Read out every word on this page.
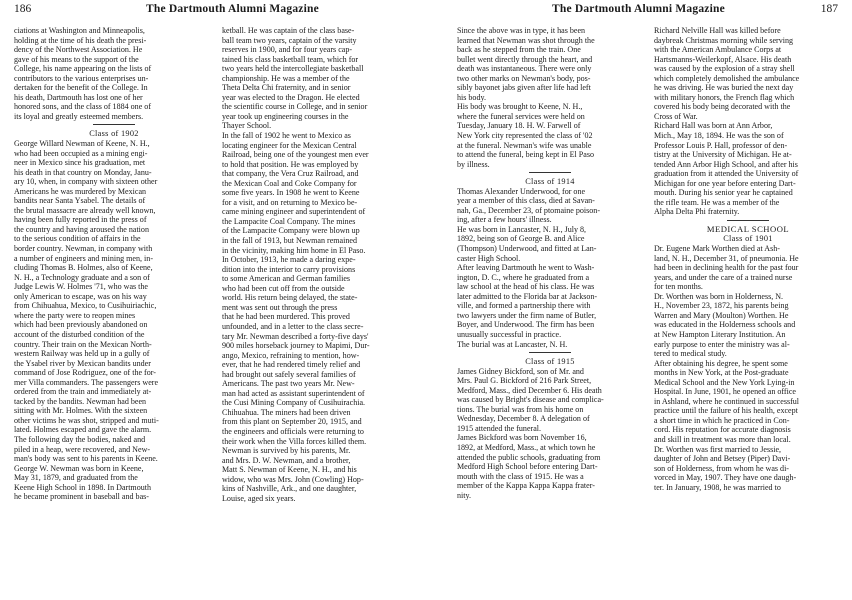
186	The Dartmouth Alumni Magazine
ciations at Washington and Minneapolis,
holding at the time of his death the presi-
dency of the Northwest Association. He
gave of his means to the support of the
College, his name appearing on the lists of
contributors to the various enterprises un-
dertaken for the benefit of the College. In
his death, Dartmouth has lost one of her
honored sons, and the class of 1884 one of
its loyal and greatly esteemed members.
Class of 1902
George Willard Newman of Keene, N. H.,
who had been occupied as a mining engi-
neer in Mexico since his graduation, met
his death in that country on Monday, Janu-
ary 10, when, in company with sixteen other
Americans he was murdered by Mexican
bandits near Santa Ysabel. The details of
the brutal massacre are already well known,
having been fully reported in the press of
the country and having aroused the nation
to the serious condition of affairs in the
border country. Newman, in company with
a number of engineers and mining men, in-
cluding Thomas B. Holmes, also of Keene,
N. H., a Technology graduate and a son of
Judge Lewis W. Holmes '71, who was the
only American to escape, was on his way
from Chihuahua, Mexico, to Cusihuiriachic,
where the party were to reopen mines
which had been previously abandoned on
account of the disturbed condition of the
country. Their train on the Mexican North-
western Railway was held up in a gully of
the Ysabel river by Mexican bandits under
command of Jose Rodriguez, one of the for-
mer Villa commanders. The passengers were
ordered from the train and immediately at-
tacked by the bandits. Newman had been
sitting with Mr. Holmes. With the sixteen
other victims he was shot, stripped and muti-
lated. Holmes escaped and gave the alarm.
The following day the bodies, naked and
piled in a heap, were recovered, and New-
man's body was sent to his parents in Keene.
George W. Newman was born in Keene,
May 31, 1879, and graduated from the
Keene High School in 1898. In Dartmouth
he became prominent in baseball and bas-
ketball. He was captain of the class base-
ball team two years, captain of the varsity
reserves in 1900, and for four years cap-
tained his class basketball team, which for
two years held the intercollegiate basketball
championship. He was a member of the
Theta Delta Chi fraternity, and in senior
year was elected to the Dragon. He elected
the scientific course in College, and in senior
year took up engineering courses in the
Thayer School.
In the fall of 1902 he went to Mexico as
locating engineer for the Mexican Central
Railroad, being one of the youngest men ever
to hold that position. He was employed by
that company, the Vera Cruz Railroad, and
the Mexican Coal and Coke Company for
some five years. In 1908 he went to Keene
for a visit, and on returning to Mexico be-
came mining engineer and superintendent of
the Lampacite Coal Company. The mines
of the Lampacite Company were blown up
in the fall of 1913, but Newman remained
in the vicinity, making him home in El Paso.
In October, 1913, he made a daring expe-
dition into the interior to carry provisions
to some American and German families
who had been cut off from the outside
world. His return being delayed, the state-
ment was sent out through the press
that he had been murdered. This proved
unfounded, and in a letter to the class secre-
tary Mr. Newman described a forty-five days'
900 miles horseback journey to Mapimi, Dur-
ango, Mexico, refraining to mention, how-
ever, that he had rendered timely relief and
had brought out safely several families of
Americans. The past two years Mr. New-
man had acted as assistant superintendent of
the Cusi Mining Company of Cusihuirachia.
Chihuahua. The miners had been driven
from this plant on September 20, 1915, and
the engineers and officials were returning to
their work when the Villa forces killed them.
Newman is survived by his parents, Mr.
and Mrs. D. W. Newman, and a brother,
Matt S. Newman of Keene, N. H., and his
widow, who was Mrs. John (Cowling) Hop-
kins of Nashville, Ark., and one daughter,
Louise, aged six years.
The Dartmouth Alumni Magazine	187
Since the above was in type, it has been
learned that Newman was shot through the
back as he stepped from the train. One
bullet went directly through the heart, and
death was instantaneous. There were only
two other marks on Newman's body, pos-
sibly bayonet jabs given after life had left
his body.
His body was brought to Keene, N. H.,
where the funeral services were held on
Tuesday, January 18. H. W. Farwell of
New York city represented the class of '02
at the funeral. Newman's wife was unable
to attend the funeral, being kept in El Paso
by illness.
Class of 1914
Thomas Alexander Underwood, for one
year a member of this class, died at Savan-
nah, Ga., December 23, of ptomaine poison-
ing, after a few hours' illness.
He was born in Lancaster, N. H., July 8,
1892, being son of George B. and Alice
(Thompson) Underwood, and fitted at Lan-
caster High School.
After leaving Dartmouth he went to Wash-
ington, D. C., where he graduated from a
law school at the head of his class. He was
later admitted to the Florida bar at Jackson-
ville, and formed a partnership there with
two lawyers under the firm name of Butler,
Boyer, and Underwood. The firm has been
unusually successful in practice.
The burial was at Lancaster, N. H.
Class of 1915
James Gidney Bickford, son of Mr. and
Mrs. Paul G. Bickford of 216 Park Street,
Medford, Mass., died December 6. His death
was caused by Bright's disease and complica-
tions. The burial was from his home on
Wednesday, December 8. A delegation of
1915 attended the funeral.
James Bickford was born November 16,
1892, at Medford, Mass., at which town he
attended the public schools, graduating from
Medford High School before entering Dart-
mouth with the class of 1915. He was a
member of the Kappa Kappa Kappa frater-
nity.
Richard Nelville Hall was killed before
daybreak Christmas morning while serving
with the American Ambulance Corps at
Hartsmanns-Weilerkopf, Alsace. His death
was caused by the explosion of a stray shell
which completely demolished the ambulance
he was driving. He was buried the next day
with military honors, the French flag which
covered his body being decorated with the
Cross of War.
Richard Hall was born at Ann Arbor,
Mich., May 18, 1894. He was the son of
Professor Louis P. Hall, professor of den-
tistry at the University of Michigan. He at-
tended Ann Arbor High School, and after his
graduation from it attended the University of
Michigan for one year before entering Dart-
mouth. During his senior year he captained
the rifle team. He was a member of the
Alpha Delta Phi fraternity.
MEDICAL SCHOOL
Class of 1901
Dr. Eugene Mark Worthen died at Ash-
land, N. H., December 31, of pneumonia. He
had been in declining health for the past four
years, and under the care of a trained nurse
for ten months.
Dr. Worthen was born in Holderness, N.
H., November 23, 1872, his parents being
Warren and Mary (Moulton) Worthen. He
was educated in the Holderness schools and
at New Hampton Literary Institution. An
early purpose to enter the ministry was al-
tered to medical study.
After obtaining his degree, he spent some
months in New York, at the Post-graduate
Medical School and the New York Lying-in
Hospital. In June, 1901, he opened an office
in Ashland, where he continued in successful
practice until the failure of his health, except
a short time in which he practiced in Con-
cord. His reputation for accurate diagnosis
and skill in treatment was more than local.
Dr. Worthen was first married to Jessie,
daughter of John and Betsey (Piper) Davi-
son of Holderness, from whom he was di-
vorced in May, 1907. They have one daugh-
ter. In January, 1908, he was married to
